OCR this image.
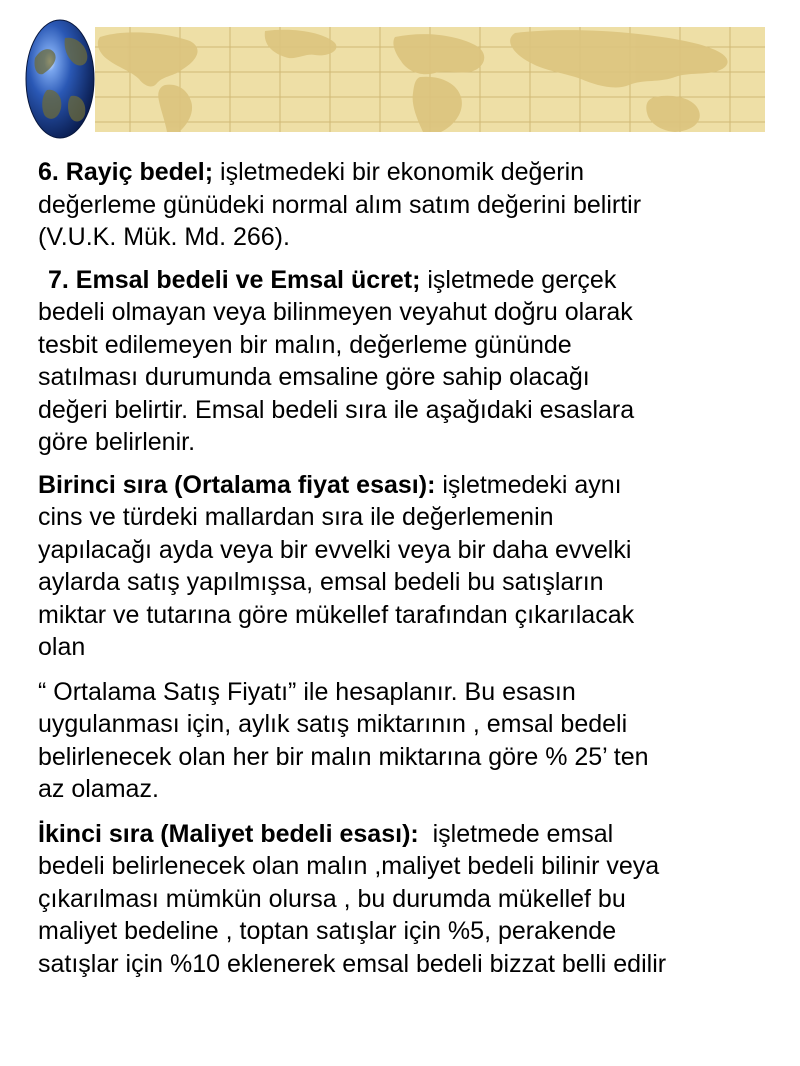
6. Rayiç bedel; işletmedeki bir ekonomik değerin
değerleme günüdeki normal alım satım değerini belirtir
(V.U.K. Mük. Md. 266).
7. Emsal bedeli ve Emsal ücret; işletmede gerçek
bedeli olmayan veya bilinmeyen veyahut doğru olarak
tesbit edilemeyen bir malın, değerleme gününde
satılması durumunda emsaline göre sahip olacağı
değeri belirtir. Emsal bedeli sıra ile aşağıdaki esaslara
göre belirlenir.
Birinci sıra (Ortalama fiyat esası): işletmedeki aynı
cins ve türdeki mallardan sıra ile değerlemenin
yapılacağı ayda veya bir evvelki veya bir daha evvelki
aylarda satış yapılmışsa, emsal bedeli bu satışların
miktar ve tutarına göre mükellef tarafından çıkarılacak
olan
“ Ortalama Satış Fiyatı” ile hesaplanır. Bu esasın
uygulanması için, aylık satış miktarının , emsal bedeli
belirlenecek olan her bir malın miktarına göre % 25’ ten
az olamaz.
İkinci sıra (Maliyet bedeli esası):  işletmede emsal
bedeli belirlenecek olan malın ,maliyet bedeli bilinir veya
çıkarılması mümkün olursa , bu durumda mükellef bu
maliyet bedeline , toptan satışlar için %5, perakende
satışlar için %10 eklenerek emsal bedeli bizzat belli edilir
